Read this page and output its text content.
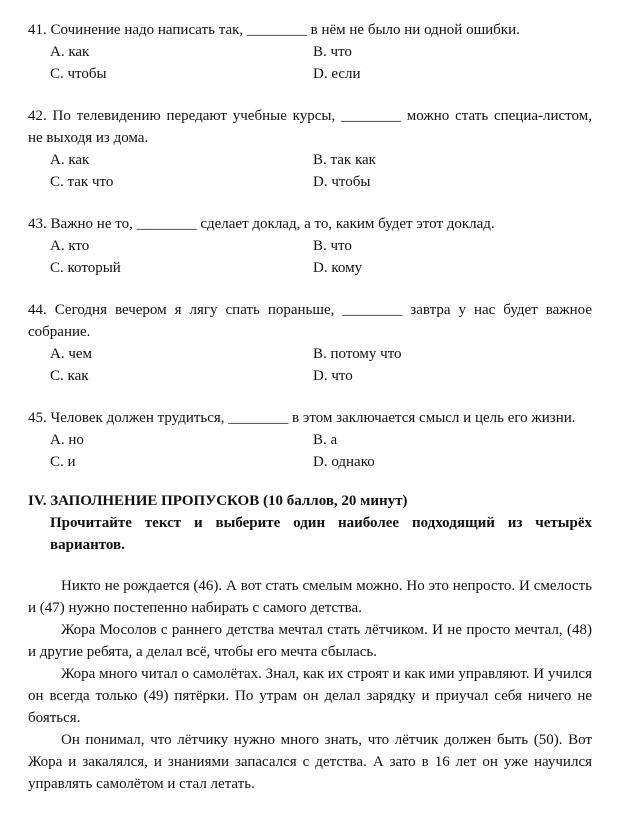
41. Сочинение надо написать так, ________ в нём не было ни одной ошибки.
А. как	В. что
С. чтобы	D. если
42. По телевидению передают учебные курсы, ________ можно стать специа-листом, не выходя из дома.
А. как	В. так как
С. так что	D. чтобы
43. Важно не то, ________ сделает доклад, а то, каким будет этот доклад.
А. кто	В. что
С. который	D. кому
44. Сегодня вечером я лягу спать пораньше, ________ завтра у нас будет важное собрание.
А. чем	В. потому что
С. как	D. что
45. Человек должен трудиться, ________ в этом заключается смысл и цель его жизни.
А. но	В. а
С. и	D. однако
IV. ЗАПОЛНЕНИЕ ПРОПУСКОВ (10 баллов, 20 минут)
Прочитайте текст и выберите один наиболее подходящий из четырёх вариантов.
Никто не рождается (46). А вот стать смелым можно. Но это непросто. И смелость и (47) нужно постепенно набирать с самого детства.
Жора Мосолов с раннего детства мечтал стать лётчиком. И не просто мечтал, (48) и другие ребята, а делал всё, чтобы его мечта сбылась.
Жора много читал о самолётах. Знал, как их строят и как ими управляют. И учился он всегда только (49) пятёрки. По утрам он делал зарядку и приучал себя ничего не бояться.
Он понимал, что лётчику нужно много знать, что лётчик должен быть (50). Вот Жора и закалялся, и знаниями запасался с детства. А зато в 16 лет он уже научился управлять самолётом и стал летать.
